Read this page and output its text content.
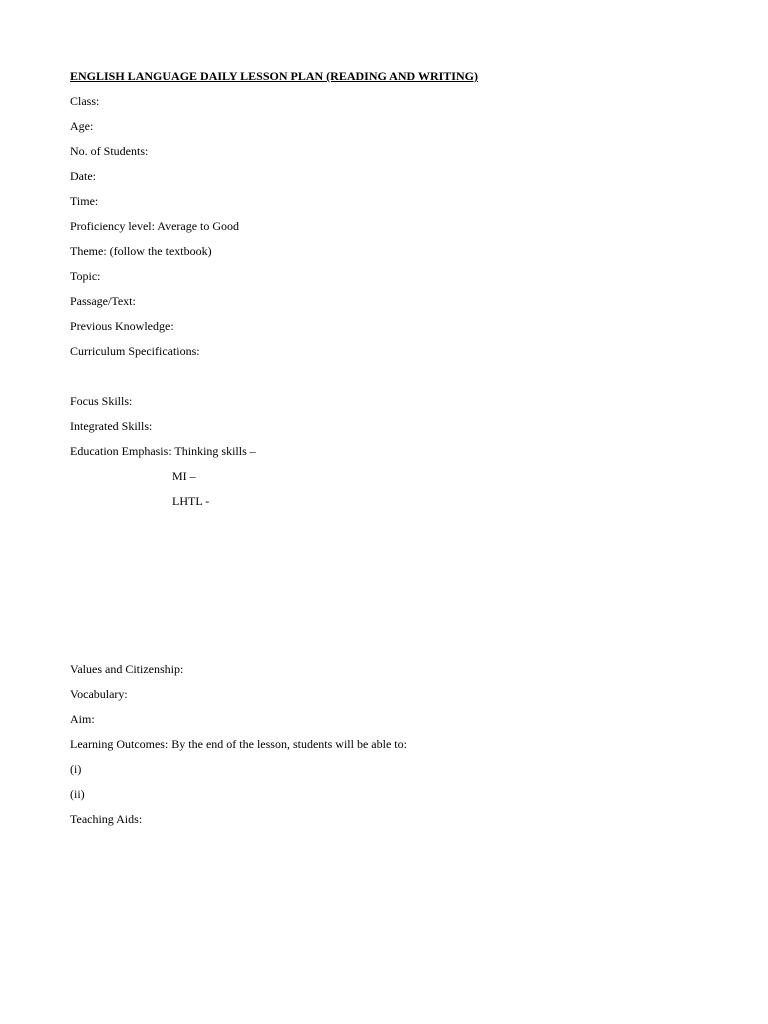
ENGLISH LANGUAGE DAILY LESSON PLAN (READING AND WRITING)
Class:
Age:
No. of Students:
Date:
Time:
Proficiency level: Average to Good
Theme: (follow the textbook)
Topic:
Passage/Text:
Previous Knowledge:
Curriculum Specifications:
Focus Skills:
Integrated Skills:
Education Emphasis: Thinking skills –
MI –
LHTL -
Values and Citizenship:
Vocabulary:
Aim:
Learning Outcomes: By the end of the lesson, students will be able to:
(i)
(ii)
Teaching Aids:
